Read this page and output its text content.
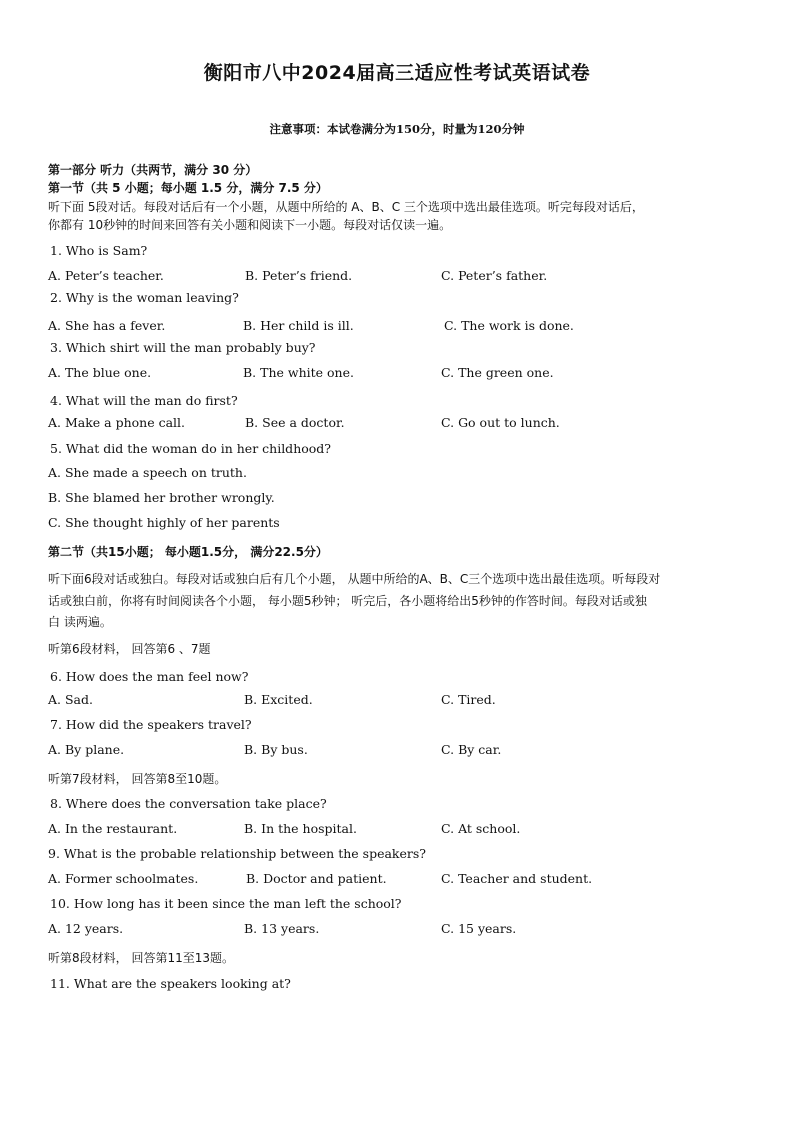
衡阳市八中2024届高三适应性考试英语试卷
注意事项：本试卷满分为150分，时量为120分钟
第一部分 听力（共两节，满分 30 分）
第一节（共 5 小题；每小题 1.5 分，满分 7.5 分）
听下面 5段对话。每段对话后有一个小题，从题中所给的 A、B、C 三个选项中选出最佳选项。听完每段对话后，
你都有 10秒钟的时间来回答有关小题和阅读下一小题。每段对话仅读一遍。
1. Who is Sam?
A. Peter’s teacher.	B. Peter’s friend.	C. Peter’s father.
2. Why is the woman leaving?
A. She has a fever.	B. Her child is ill.	C. The work is done.
3. Which shirt will the man probably buy?
A. The blue one.	B. The white one.	C. The green one.
4. What will the man do first?
A. Make a phone call.	B. See a doctor.	C. Go out to lunch.
5. What did the woman do in her childhood?
A. She made a speech on truth.
B. She blamed her brother wrongly.
C. She thought highly of her parents
第二节（共15小题； 每小题1.5分， 满分22.5分）
听下面6段对话或独白。每段对话或独白后有几个小题， 从题中所给的A、B、C三个选项中选出最佳选项。听每段对
话或独白前，你将有时间阅读各个小题， 每小题5秒钟； 听完后，各小题将给出5秒钟的作答时间。每段对话或独
白 读两遍。
听第6段材料， 回答第6 、7题
6. How does the man feel now?
A. Sad.	B. Excited.	C. Tired.
7. How did the speakers travel?
A. By plane.	B. By bus.	C. By car.
听第7段材料， 回答第8至10题。
8. Where does the conversation take place?
A. In the restaurant.	B. In the hospital.	C. At school.
9. What is the probable relationship between the speakers?
A. Former schoolmates.	B. Doctor and patient.	C. Teacher and student.
10. How long has it been since the man left the school?
A. 12 years.	B. 13 years.	C. 15 years.
听第8段材料， 回答第11至13题。
11. What are the speakers looking at?
